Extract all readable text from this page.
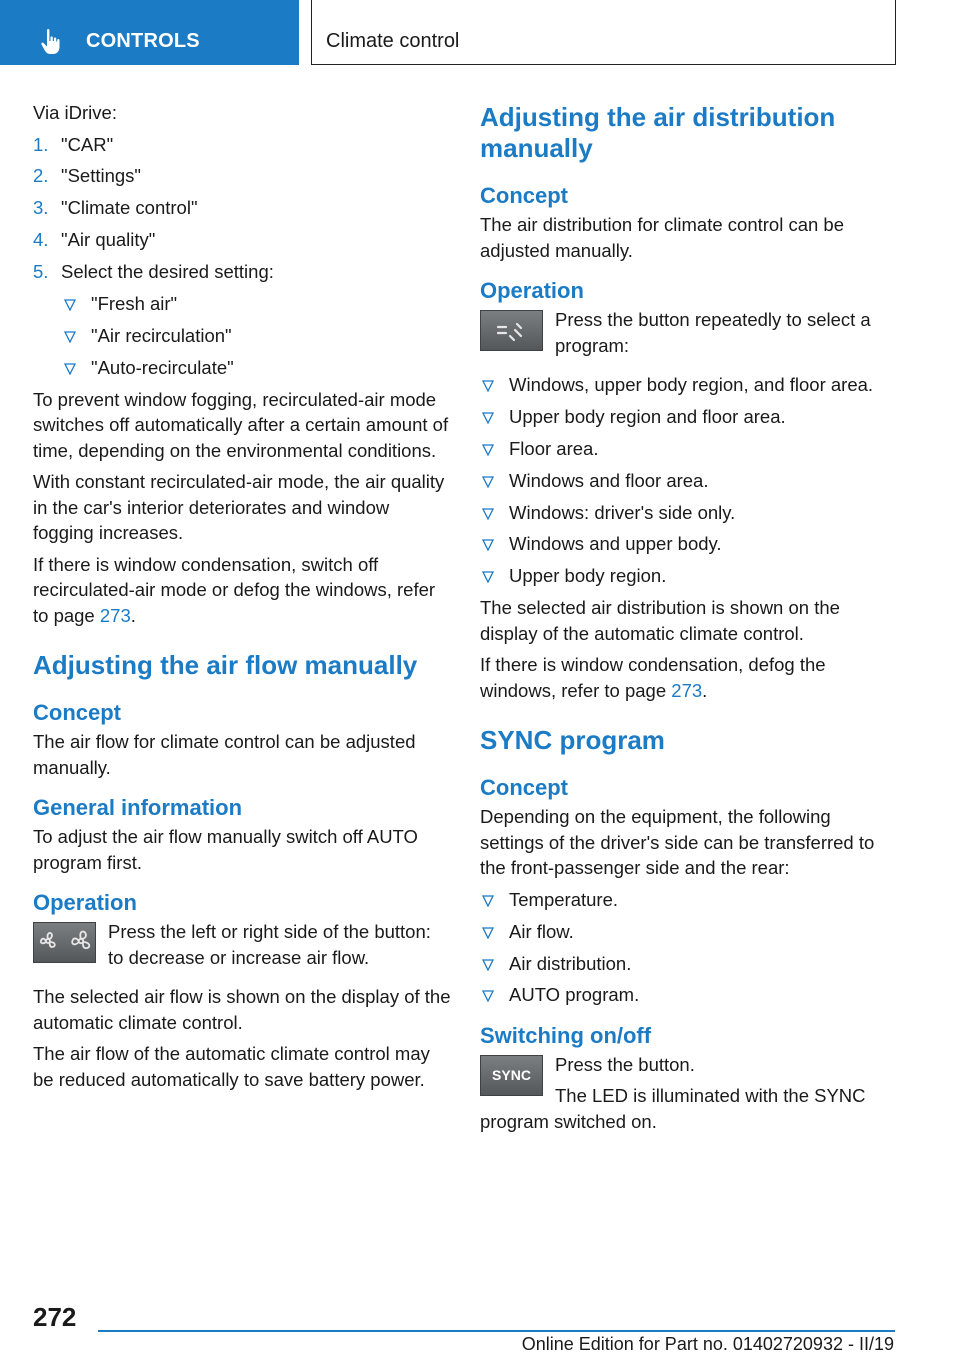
CONTROLS	Climate control

Via iDrive:

1. "CAR"
2. "Settings"
3. "Climate control"
4. "Air quality"
5. Select the desired setting:
"Fresh air"
"Air recirculation"
"Auto-recirculate"

To prevent window fogging, recirculated-air mode switches off automatically after a certain amount of time, depending on the environmental conditions.

With constant recirculated-air mode, the air quality in the car's interior deteriorates and window fogging increases.

If there is window condensation, switch off recirculated-air mode or defog the windows, refer to page 273.

Adjusting the air flow manually
Concept

The air flow for climate control can be adjusted manually.

General information

To adjust the air flow manually switch off AUTO program first.

Operation
Press the left or right side of the button: to decrease or increase air flow.

The selected air flow is shown on the display of the automatic climate control.

The air flow of the automatic climate control may be reduced automatically to save battery power.

Adjusting the air distribution manually
Concept

The air distribution for climate control can be adjusted manually.

Operation
Press the button repeatedly to select a program:
Windows, upper body region, and floor area.
Upper body region and floor area.
Floor area.
Windows and floor area.
Windows: driver's side only.
Windows and upper body.
Upper body region.

The selected air distribution is shown on the display of the automatic climate control.

If there is window condensation, defog the windows, refer to page 273.

SYNC program
Concept

Depending on the equipment, the following settings of the driver's side can be transferred to the front-passenger side and the rear:

Temperature.
Air flow.
Air distribution.
AUTO program.
Switching on/off
SYNC

Press the button.

The LED is illuminated with the SYNC program switched on.

272
Online Edition for Part no. 01402720932 - II/19
